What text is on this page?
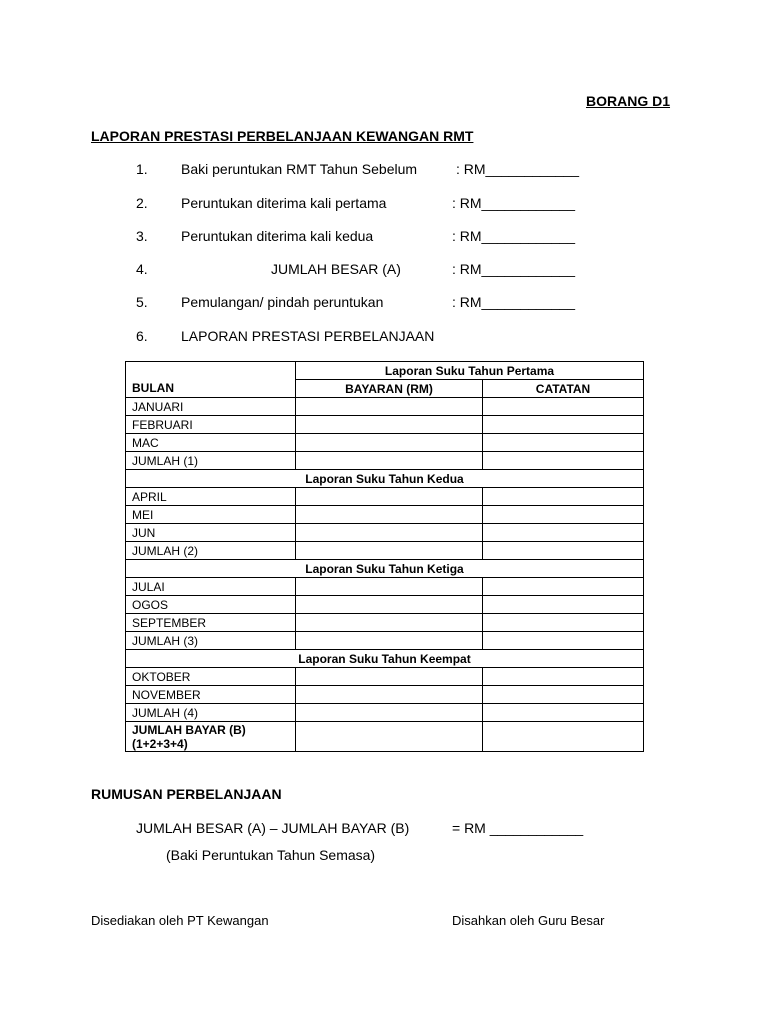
BORANG D1
LAPORAN PRESTASI PERBELANJAAN KEWANGAN RMT
1. Baki peruntukan RMT Tahun Sebelum	: RM____________
2. Peruntukan diterima kali pertama	: RM____________
3. Peruntukan diterima kali kedua	: RM____________
4.	JUMLAH BESAR (A)	: RM____________
5. Pemulangan/ pindah peruntukan	: RM____________
6. LAPORAN PRESTASI PERBELANJAAN
	Laporan Suku Tahun Pertama	
BULAN	BAYARAN (RM)	CATATAN
JANUARI		
FEBRUARI		
MAC		
JUMLAH (1)		
Laporan Suku Tahun Kedua		
APRIL		
MEI		
JUN		
JUMLAH (2)		
Laporan Suku Tahun Ketiga		
JULAI		
OGOS		
SEPTEMBER		
JUMLAH (3)		
Laporan Suku Tahun Keempat		
OKTOBER		
NOVEMBER		
JUMLAH (4)		

JUMLAH BAYAR (B)
(1+2+3+4)		

RUMUSAN PERBELANJAAN
JUMLAH BESAR (A) – JUMLAH BAYAR (B)	= RM ____________
(Baki Peruntukan Tahun Semasa)
Disediakan oleh PT Kewangan	Disahkan oleh Guru Besar
